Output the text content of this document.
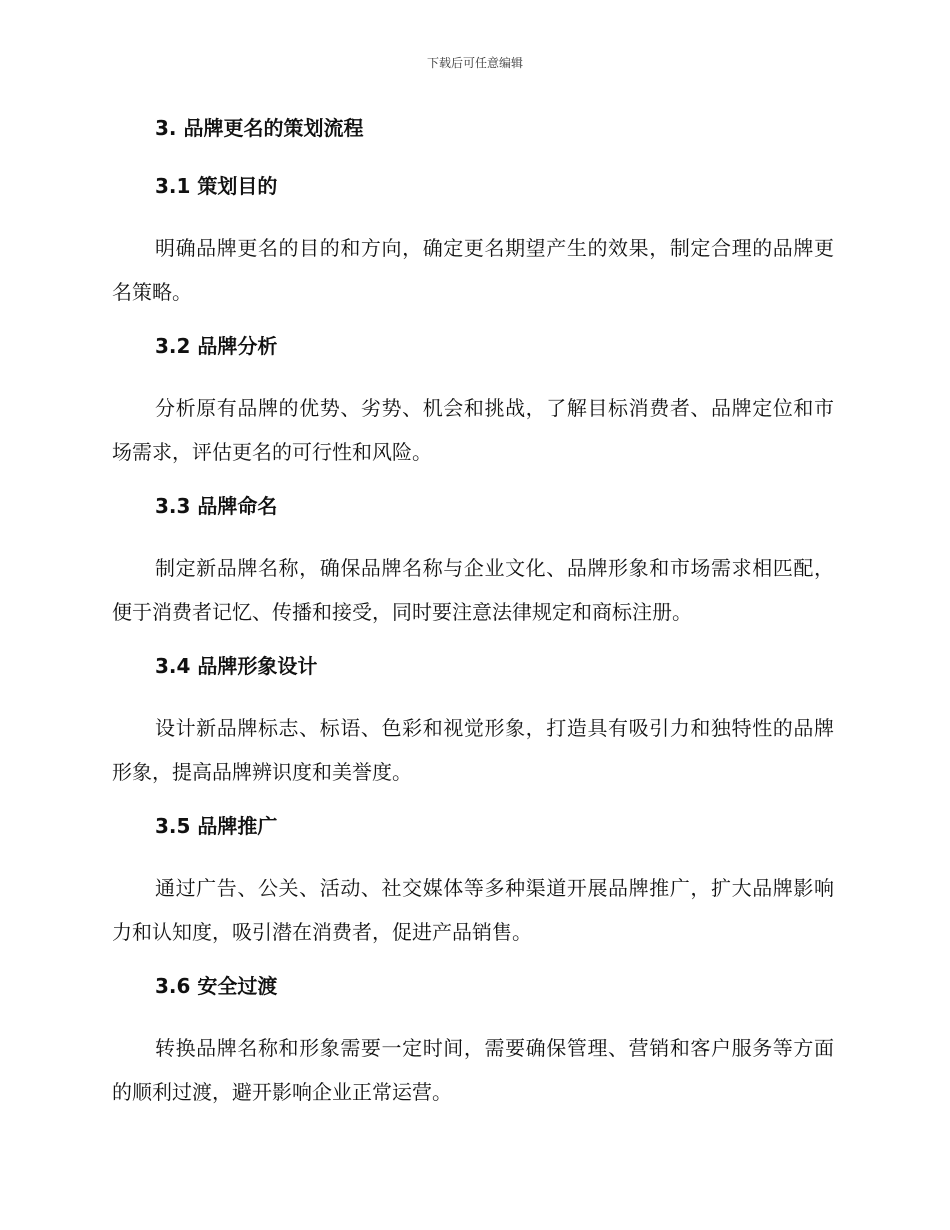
下载后可任意编辑
3. 品牌更名的策划流程
3.1 策划目的

明确品牌更名的目的和方向，确定更名期望产生的效果，制定合理的品牌更名策略。

3.2 品牌分析

分析原有品牌的优势、劣势、机会和挑战，了解目标消费者、品牌定位和市场需求，评估更名的可行性和风险。

3.3 品牌命名

制定新品牌名称，确保品牌名称与企业文化、品牌形象和市场需求相匹配，便于消费者记忆、传播和接受，同时要注意法律规定和商标注册。

3.4 品牌形象设计

设计新品牌标志、标语、色彩和视觉形象，打造具有吸引力和独特性的品牌形象，提高品牌辨识度和美誉度。

3.5 品牌推广

通过广告、公关、活动、社交媒体等多种渠道开展品牌推广，扩大品牌影响力和认知度，吸引潜在消费者，促进产品销售。

3.6 安全过渡

转换品牌名称和形象需要一定时间，需要确保管理、营销和客户服务等方面的顺利过渡，避开影响企业正常运营。
